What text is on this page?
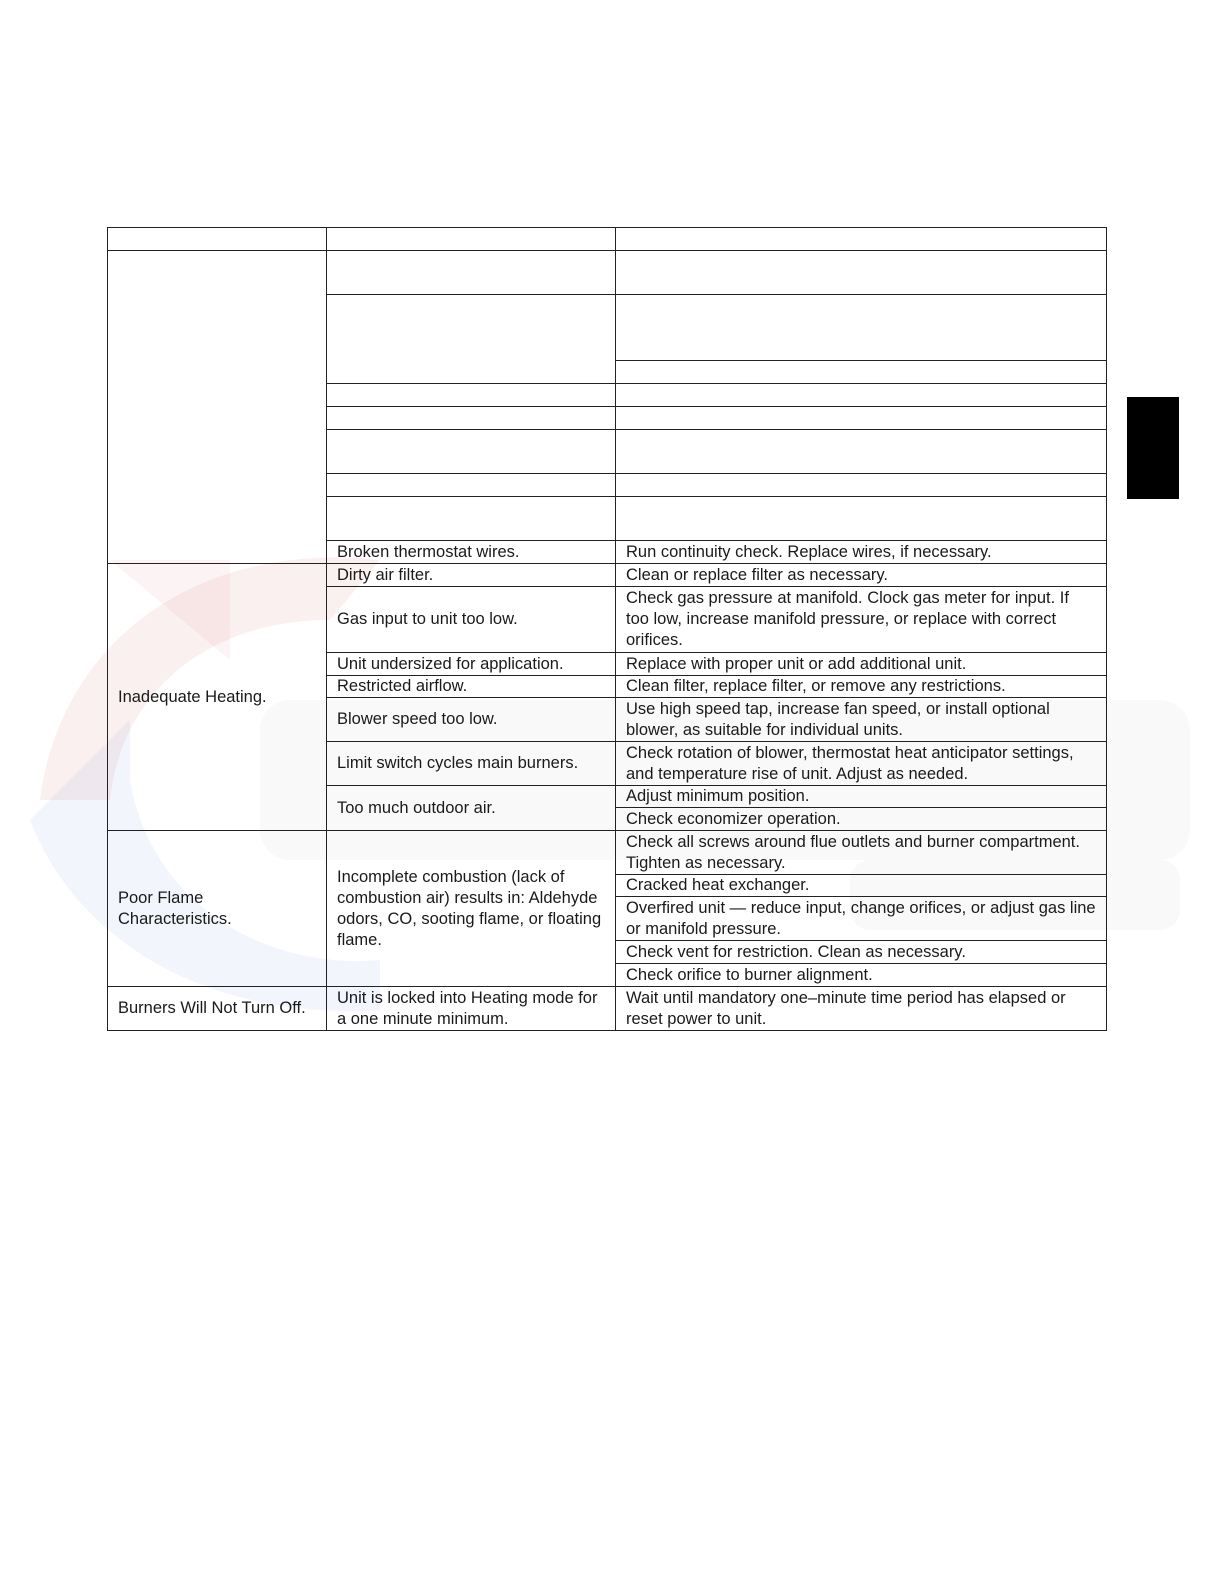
	Broken thermostat wires.	Run continuity check. Replace wires, if necessary.
Inadequate Heating.	Dirty air filter.	Clean or replace filter as necessary.
	Gas input to unit too low.	Check gas pressure at manifold. Clock gas meter for input. If too low, increase manifold pressure, or replace with correct orifices.
	Unit undersized for application.	Replace with proper unit or add additional unit.
	Restricted airflow.	Clean filter, replace filter, or remove any restrictions.
	Blower speed too low.	Use high speed tap, increase fan speed, or install optional blower, as suitable for individual units.
	Limit switch cycles main burners.	Check rotation of blower, thermostat heat anticipator settings, and temperature rise of unit. Adjust as needed.
	Too much outdoor air.	Adjust minimum position.
		Check economizer operation.
Poor Flame Characteristics.	Incomplete combustion (lack of combustion air) results in: Aldehyde odors, CO, sooting flame, or floating flame.	Check all screws around flue outlets and burner compartment. Tighten as necessary.
		Cracked heat exchanger.
		Overfired unit — reduce input, change orifices, or adjust gas line or manifold pressure.
		Check vent for restriction. Clean as necessary.
		Check orifice to burner alignment.
Burners Will Not Turn Off.	Unit is locked into Heating mode for a one minute minimum.	Wait until mandatory one–minute time period has elapsed or reset power to unit.
